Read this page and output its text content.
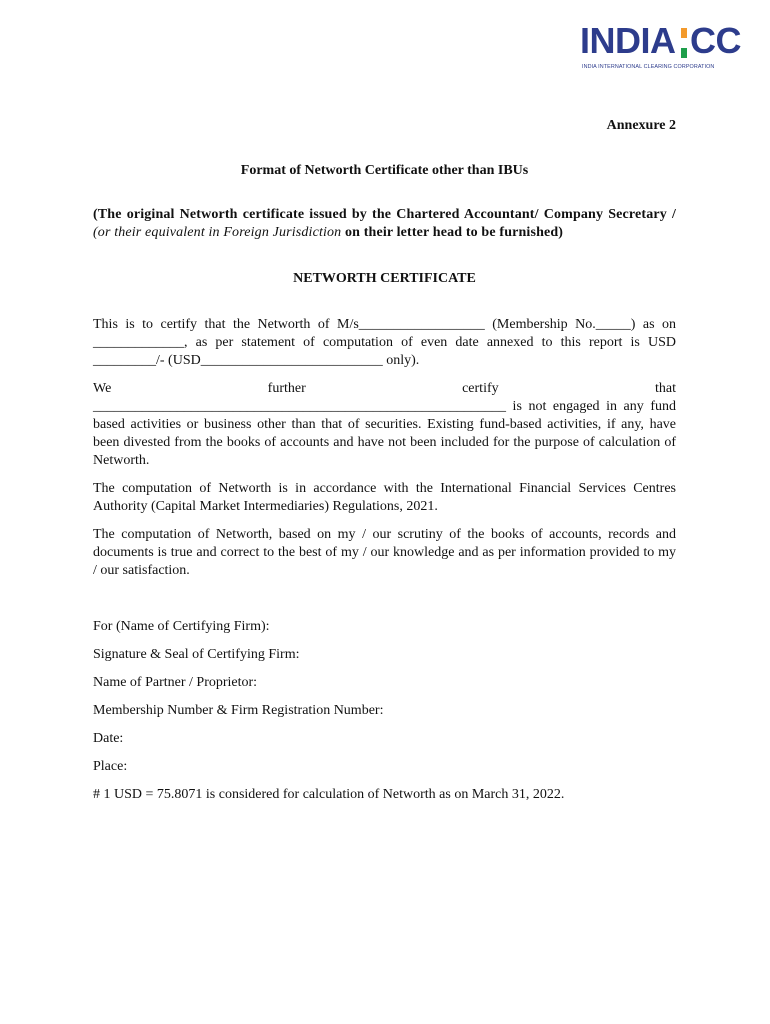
INDIA CC
INDIA INTERNATIONAL CLEARING CORPORATION
Annexure 2
Format of Networth Certificate other than IBUs
(The original Networth certificate issued by the Chartered Accountant/ Company Secretary / (or their equivalent in Foreign Jurisdiction on their letter head to be furnished)
NETWORTH CERTIFICATE
This is to certify that the Networth of M/s__________________ (Membership No._____) as on _____________, as per statement of computation of even date annexed to this report is USD _________/- (USD__________________________ only).
We	further	certify	that
___________________________________________________________ is not engaged in any fund based activities or business other than that of securities. Existing fund-based activities, if any, have been divested from the books of accounts and have not been included for the purpose of calculation of Networth.
The computation of Networth is in accordance with the International Financial Services Centres Authority (Capital Market Intermediaries) Regulations, 2021.
The computation of Networth, based on my / our scrutiny of the books of accounts, records and documents is true and correct to the best of my / our knowledge and as per information provided to my / our satisfaction.
For (Name of Certifying Firm):
Signature & Seal of Certifying Firm:
Name of Partner / Proprietor:
Membership Number & Firm Registration Number:
Date:
Place:
# 1 USD = 75.8071 is considered for calculation of Networth as on March 31, 2022.
